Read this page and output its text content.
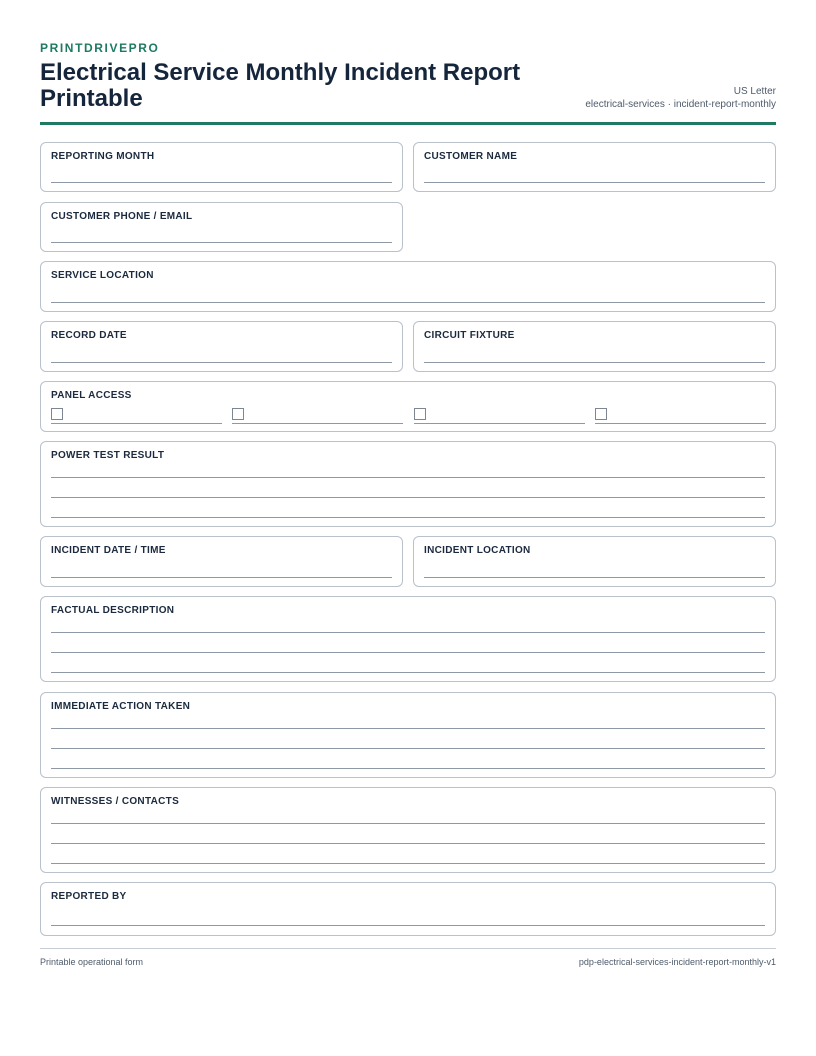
PRINTDRIVEPRO
Electrical Service Monthly Incident Report Printable	US Letter
electrical-services · incident-report-monthly
REPORTING MONTH	CUSTOMER NAME
CUSTOMER PHONE / EMAIL
SERVICE LOCATION
RECORD DATE	CIRCUIT FIXTURE
PANEL ACCESS
POWER TEST RESULT
INCIDENT DATE / TIME	INCIDENT LOCATION
FACTUAL DESCRIPTION
IMMEDIATE ACTION TAKEN
WITNESSES / CONTACTS
REPORTED BY
Printable operational form	pdp-electrical-services-incident-report-monthly-v1
